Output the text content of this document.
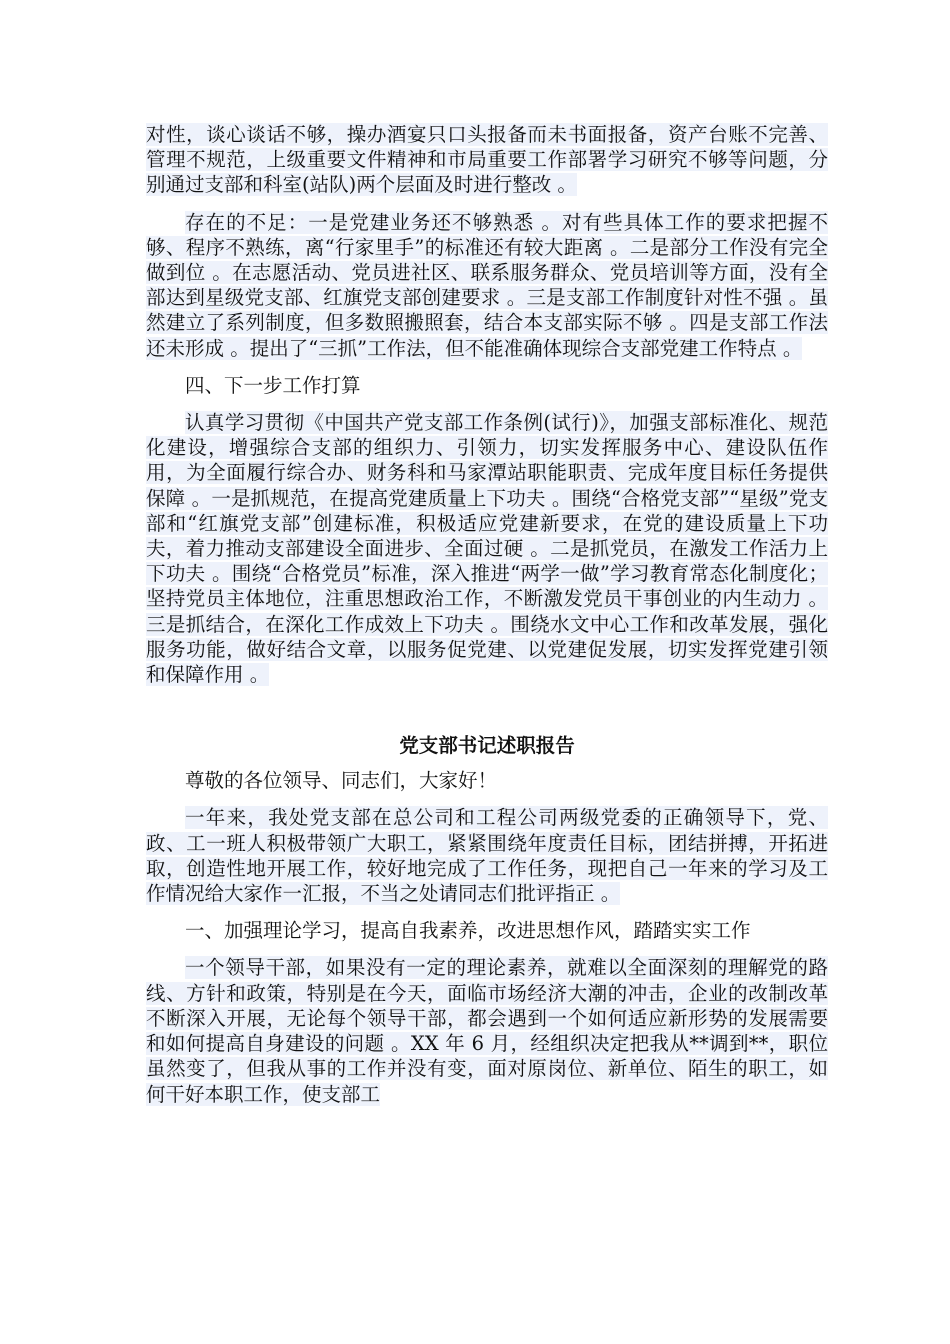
对性，谈心谈话不够，操办酒宴只口头报备而未书面报备，资产台账不完善、管理不规范，上级重要文件精神和市局重要工作部署学习研究不够等问题，分别通过支部和科室(站队)两个层面及时进行整改 。

存在的不足：一是党建业务还不够熟悉 。对有些具体工作的要求把握不够、程序不熟练，离“行家里手”的标准还有较大距离 。二是部分工作没有完全做到位 。在志愿活动、党员进社区、联系服务群众、党员培训等方面，没有全部达到星级党支部、红旗党支部创建要求 。三是支部工作制度针对性不强 。虽然建立了系列制度，但多数照搬照套，结合本支部实际不够 。四是支部工作法还未形成 。提出了“三抓”工作法，但不能准确体现综合支部党建工作特点 。

四、下一步工作打算

认真学习贯彻《中国共产党支部工作条例(试行)》，加强支部标准化、规范化建设，增强综合支部的组织力、引领力，切实发挥服务中心、建设队伍作用，为全面履行综合办、财务科和马家潭站职能职责、完成年度目标任务提供保障 。一是抓规范，在提高党建质量上下功夫 。围绕“合格党支部”“星级”党支部和“红旗党支部”创建标准，积极适应党建新要求，在党的建设质量上下功夫，着力推动支部建设全面进步、全面过硬 。二是抓党员，在激发工作活力上下功夫 。围绕“合格党员”标准，深入推进“两学一做”学习教育常态化制度化；坚持党员主体地位，注重思想政治工作，不断激发党员干事创业的内生动力 。三是抓结合，在深化工作成效上下功夫 。围绕水文中心工作和改革发展，强化服务功能，做好结合文章，以服务促党建、以党建促发展，切实发挥党建引领和保障作用 。

党支部书记述职报告

尊敬的各位领导、同志们，大家好！

一年来，我处党支部在总公司和工程公司两级党委的正确领导下，党、政、工一班人积极带领广大职工，紧紧围绕年度责任目标，团结拼搏，开拓进取，创造性地开展工作，较好地完成了工作任务，现把自己一年来的学习及工作情况给大家作一汇报，不当之处请同志们批评指正 。

一、加强理论学习，提高自我素养，改进思想作风，踏踏实实工作

一个领导干部，如果没有一定的理论素养，就难以全面深刻的理解党的路线、方针和政策，特别是在今天，面临市场经济大潮的冲击，企业的改制改革不断深入开展，无论每个领导干部，都会遇到一个如何适应新形势的发展需要和如何提高自身建设的问题 。XX 年 6 月，经组织决定把我从**调到**，职位虽然变了，但我从事的工作并没有变，面对原岗位、新单位、陌生的职工，如何干好本职工作，使支部工
